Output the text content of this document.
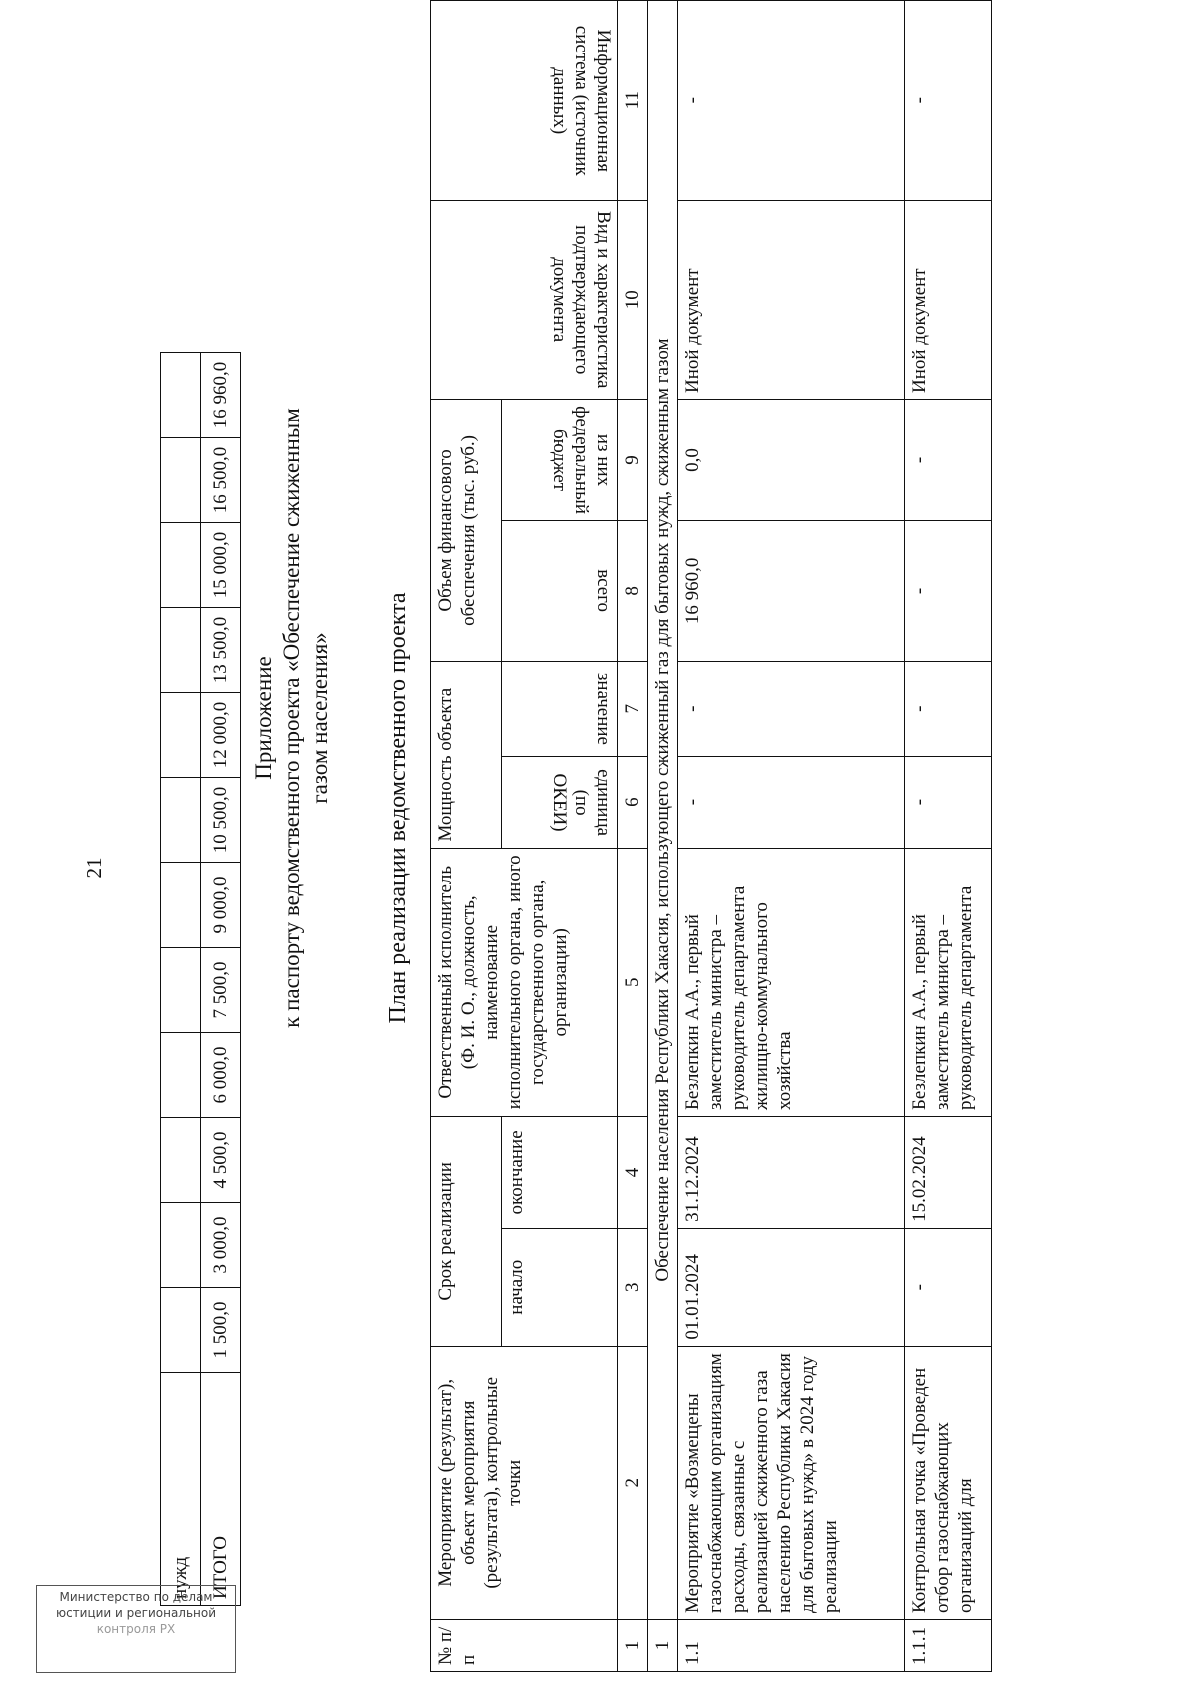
21
нужд												
ИТОГО	1 500,0	3 000,0	4 500,0	6 000,0	7 500,0	9 000,0	10 500,0	12 000,0	13 500,0	15 000,0	16 500,0	16 960,0
Приложение к паспорту ведомственного проекта «Обеспечение сжиженным газом населения» План реализации ведомственного проекта
№ п/п	Мероприятие (результат), объект мероприятия (результата), контрольные точки	Срок реализации		Ответственный исполнитель (Ф. И. О., должность, наименование исполнительного органа, иного государственного органа, организации)	Мощность объекта		Объем финансового обеспечения (тыс. руб.)		Вид и характеристика подтверждающего документа	Информационная система (источник данных)
		начало	окончание		единица (по ОКЕИ)	значение	всего	из них федеральный бюджет		
1	2	3	4	5	6	7	8	9	10	11
1	Обеспечение населения Республики Хакасия, использующего сжиженный газ для бытовых нужд, сжиженным газом									
1.1	Мероприятие «Возмещены газоснабжающим организациям расходы, связанные с реализацией сжиженного газа населению Республики Хакасия для бытовых нужд» в 2024 году реализации	01.01.2024	31.12.2024	Безлепкин А.А., первый заместитель министра – руководитель департамента жилищно-коммунального хозяйства	-	-	16 960,0	0,0	Иной документ	-
1.1.1	Контрольная точка «Проведен отбор газоснабжающих организаций для	-	15.02.2024	Безлепкин А.А., первый заместитель министра – руководитель департамента	-	-	-	-	Иной документ	-
Министерство по делам
юстиции и региональной
контроля РХ
